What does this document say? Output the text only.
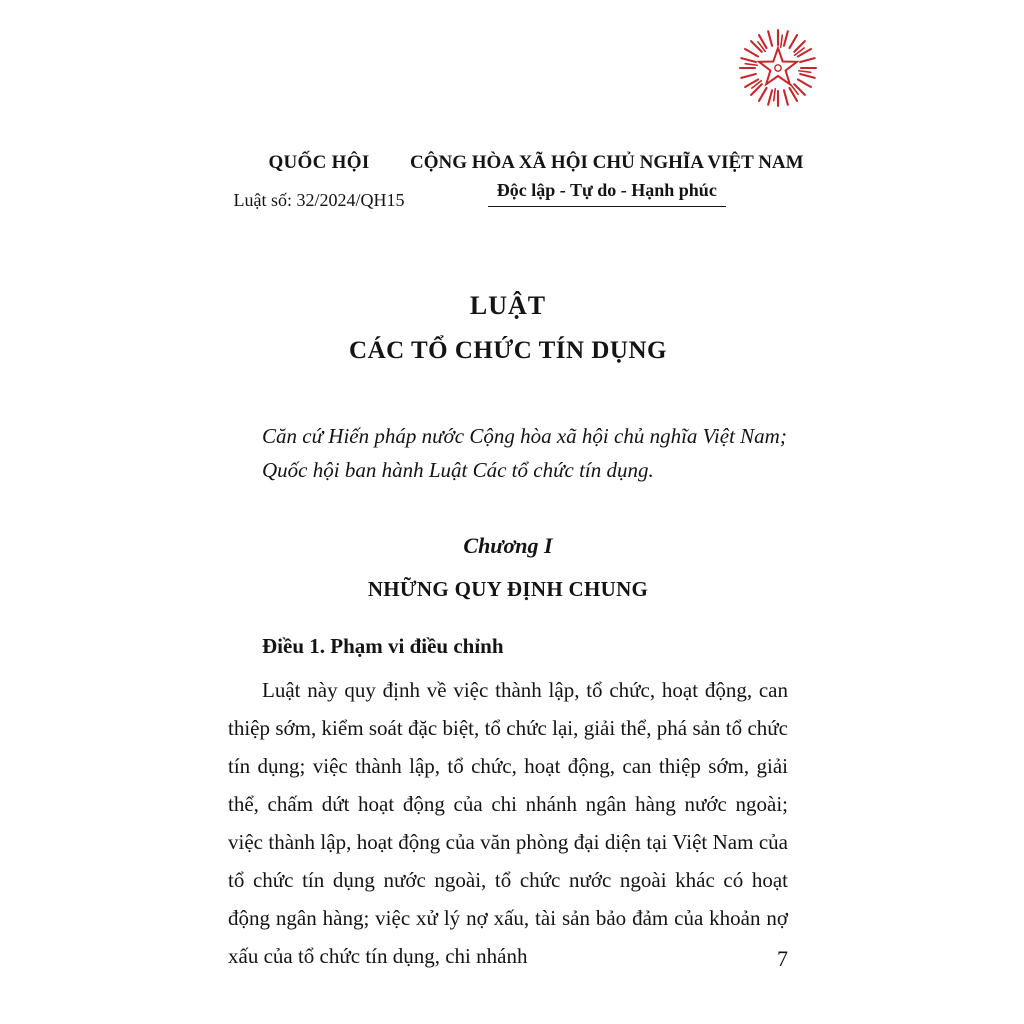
QUỐC HỘI
Luật số: 32/2024/QH15
CỘNG HÒA XÃ HỘI CHỦ NGHĨA VIỆT NAM
Độc lập - Tự do - Hạnh phúc
LUẬT
CÁC TỔ CHỨC TÍN DỤNG

Căn cứ Hiến pháp nước Cộng hòa xã hội chủ nghĩa Việt Nam;

Quốc hội ban hành Luật Các tổ chức tín dụng.

Chương I
NHỮNG QUY ĐỊNH CHUNG

Điều 1. Phạm vi điều chỉnh

Luật này quy định về việc thành lập, tổ chức, hoạt động, can thiệp sớm, kiểm soát đặc biệt, tổ chức lại, giải thể, phá sản tổ chức tín dụng; việc thành lập, tổ chức, hoạt động, can thiệp sớm, giải thể, chấm dứt hoạt động của chi nhánh ngân hàng nước ngoài; việc thành lập, hoạt động của văn phòng đại diện tại Việt Nam của tổ chức tín dụng nước ngoài, tổ chức nước ngoài khác có hoạt động ngân hàng; việc xử lý nợ xấu, tài sản bảo đảm của khoản nợ xấu của tổ chức tín dụng, chi nhánh	7
